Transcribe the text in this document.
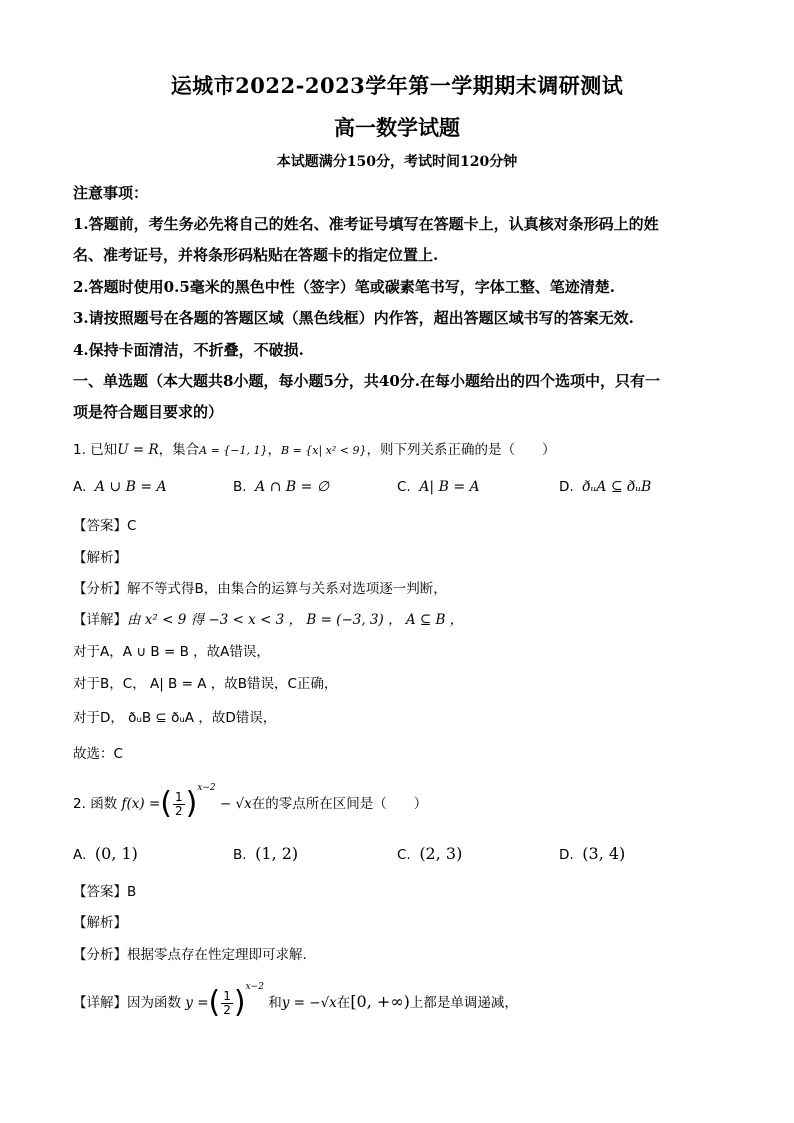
运城市2022-2023学年第一学期期末调研测试
高一数学试题
本试题满分150分，考试时间120分钟
注意事项：
1.答题前，考生务必先将自己的姓名、准考证号填写在答题卡上，认真核对条形码上的姓
名、准考证号，并将条形码粘贴在答题卡的指定位置上.
2.答题时使用0.5毫米的黑色中性（签字）笔或碳素笔书写，字体工整、笔迹清楚.
3.请按照题号在各题的答题区域（黑色线框）内作答，超出答题区域书写的答案无效.
4.保持卡面清洁，不折叠，不破损.
一、单选题（本大题共8小题，每小题5分，共40分.在每小题给出的四个选项中，只有一
项是符合题目要求的）
1. 已知U = R，集合A = {−1, 1}，B = {x| x² < 9}，则下列关系正确的是（　　）
A. A ∪ B = A	B. A ∩ B = ∅	C. A| B = A	D. ðᵤA ⊆ ðᵤB
【答案】C
【解析】
【分析】解不等式得B，由集合的运算与关系对选项逐一判断，
【详解】由 x² < 9 得 −3 < x < 3 ， B = (−3, 3) ， A ⊆ B ，
对于A，A ∪ B = B ，故A错误，
对于B，C， A| B = A ，故B错误，C正确，
对于D， ðᵤB ⊆ ðᵤA ，故D错误，
故选：C
2. 函数 f(x) =( $\frac{1}{2} )^{x-2} - √x$在的零点所在区间是（　　）
A. (0, 1)	B. (1, 2)	C. (2, 3)	D. (3, 4)
【答案】B
【解析】
【分析】根据零点存在性定理即可求解.
【详解】因为函数 y =( $\frac{1}{2} )^{x-2}$ 和y = −√x在[0, +∞)上都是单调递减，
